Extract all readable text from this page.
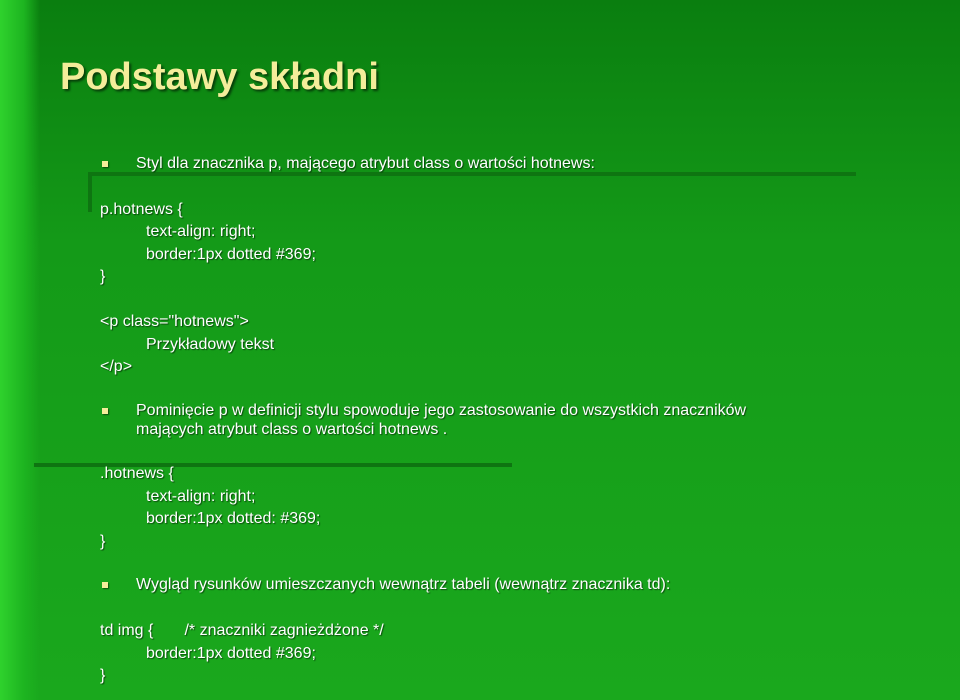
Podstawy składni
Styl dla znacznika p, mającego atrybut class o wartości hotnews:
p.hotnews {
text-align: right;
border:1px dotted #369;
}
<p class="hotnews">
Przykładowy tekst
</p>
Pominięcie p w definicji stylu spowoduje jego zastosowanie do wszystkich znaczników
mających atrybut class o wartości hotnews .
.hotnews {
text-align: right;
border:1px dotted: #369;
}
Wygląd rysunków umieszczanych wewnątrz tabeli (wewnątrz znacznika td):
td img {       /* znaczniki zagnieżdżone */
border:1px dotted #369;
}
